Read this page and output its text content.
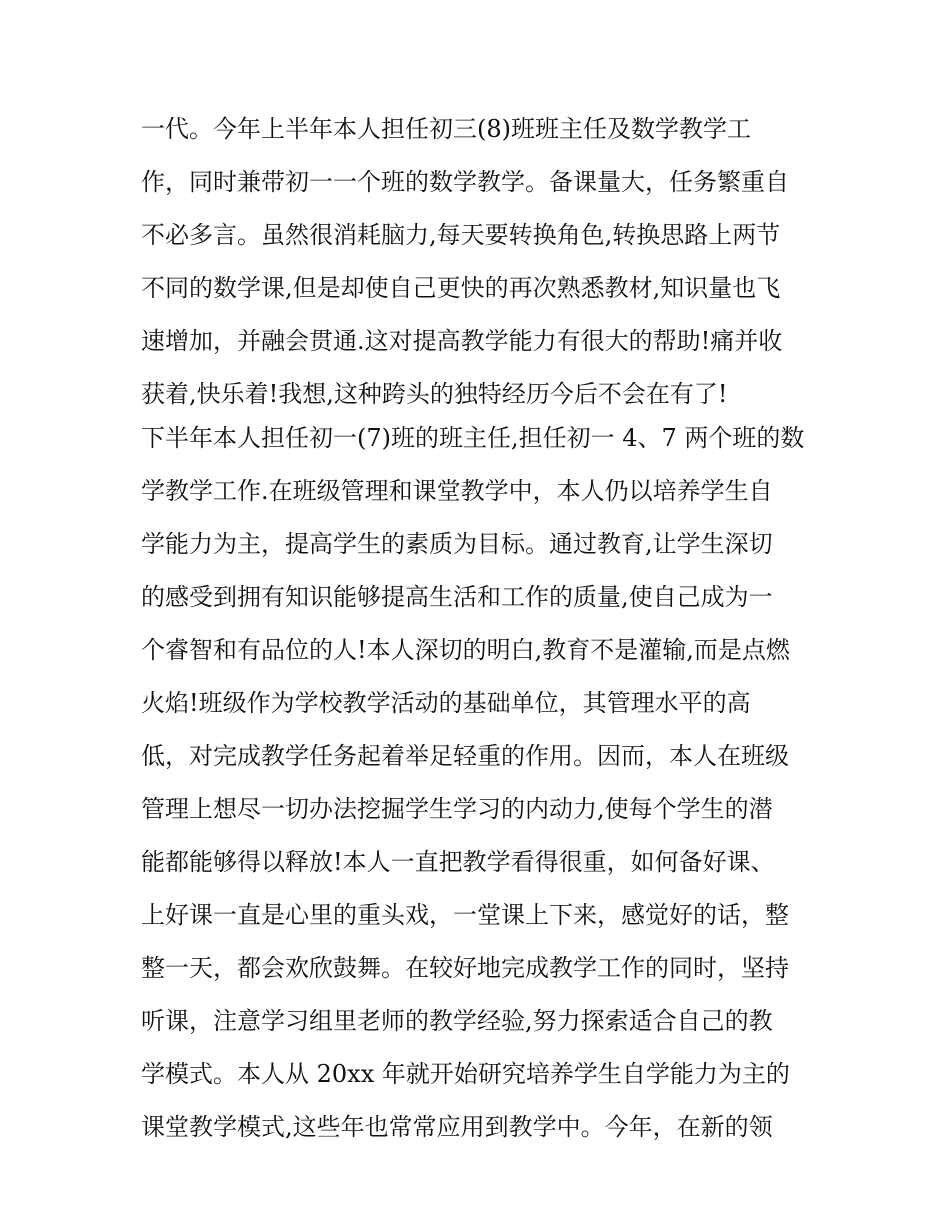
一代。今年上半年本人担任初三(8)班班主任及数学教学工

作，同时兼带初一一个班的数学教学。备课量大，任务繁重自

不必多言。虽然很消耗脑力,每天要转换角色,转换思路上两节

不同的数学课,但是却使自己更快的再次熟悉教材,知识量也飞

速增加，并融会贯通.这对提高教学能力有很大的帮助!痛并收

获着,快乐着!我想,这种跨头的独特经历今后不会在有了!

下半年本人担任初一(7)班的班主任,担任初一 4、7 两个班的数

学教学工作.在班级管理和课堂教学中，本人仍以培养学生自

学能力为主，提高学生的素质为目标。通过教育,让学生深切

的感受到拥有知识能够提高生活和工作的质量,使自己成为一

个睿智和有品位的人!本人深切的明白,教育不是灌输,而是点燃

火焰!班级作为学校教学活动的基础单位，其管理水平的高

低，对完成教学任务起着举足轻重的作用。因而，本人在班级

管理上想尽一切办法挖掘学生学习的内动力,使每个学生的潜

能都能够得以释放!本人一直把教学看得很重，如何备好课、

上好课一直是心里的重头戏，一堂课上下来，感觉好的话，整

整一天，都会欢欣鼓舞。在较好地完成教学工作的同时，坚持

听课，注意学习组里老师的教学经验,努力探索适合自己的教

学模式。本人从 20xx 年就开始研究培养学生自学能力为主的

课堂教学模式,这些年也常常应用到教学中。今年，在新的领
